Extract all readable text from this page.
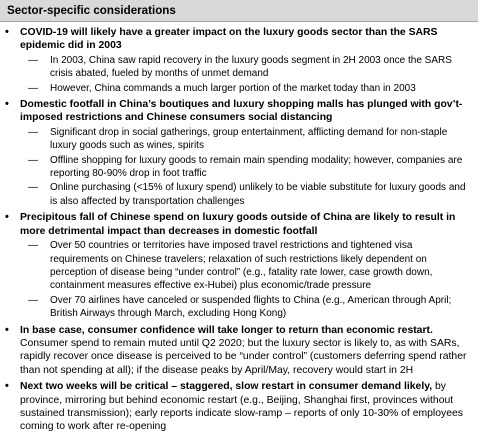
Sector-specific considerations
• COVID-19 will likely have a greater impact on the luxury goods sector than the SARS epidemic did in 2003
— In 2003, China saw rapid recovery in the luxury goods segment in 2H 2003 once the SARS crisis abated, fueled by months of unmet demand
— However, China commands a much larger portion of the market today than in 2003
• Domestic footfall in China’s boutiques and luxury shopping malls has plunged with gov’t-imposed restrictions and Chinese consumers social distancing
— Significant drop in social gatherings, group entertainment, afflicting demand for non-staple luxury goods such as wines, spirits
— Offline shopping for luxury goods to remain main spending modality; however, companies are reporting 80-90% drop in foot traffic
— Online purchasing (<15% of luxury spend) unlikely to be viable substitute for luxury goods and is also affected by transportation challenges
• Precipitous fall of Chinese spend on luxury goods outside of China are likely to result in more detrimental impact than decreases in domestic footfall
— Over 50 countries or territories have imposed travel restrictions and tightened visa requirements on Chinese travelers; relaxation of such restrictions likely dependent on perception of disease being “under control” (e.g., fatality rate lower, case growth down, containment measures effective ex-Hubei) plus economic/trade pressure
— Over 70 airlines have canceled or suspended flights to China (e.g., American through April; British Airways through March, excluding Hong Kong)
• In base case, consumer confidence will take longer to return than economic restart. Consumer spend to remain muted until Q2 2020; but the luxury sector is likely to, as with SARs, rapidly recover once disease is perceived to be “under control” (customers deferring spend rather than not spending at all); if the disease peaks by April/May, recovery would start in 2H
• Next two weeks will be critical – staggered, slow restart in consumer demand likely, by province, mirroring but behind economic restart (e.g., Beijing, Shanghai first, provinces without sustained transmission); early reports indicate slow-ramp – reports of only 10-30% of employees coming to work after re-opening
